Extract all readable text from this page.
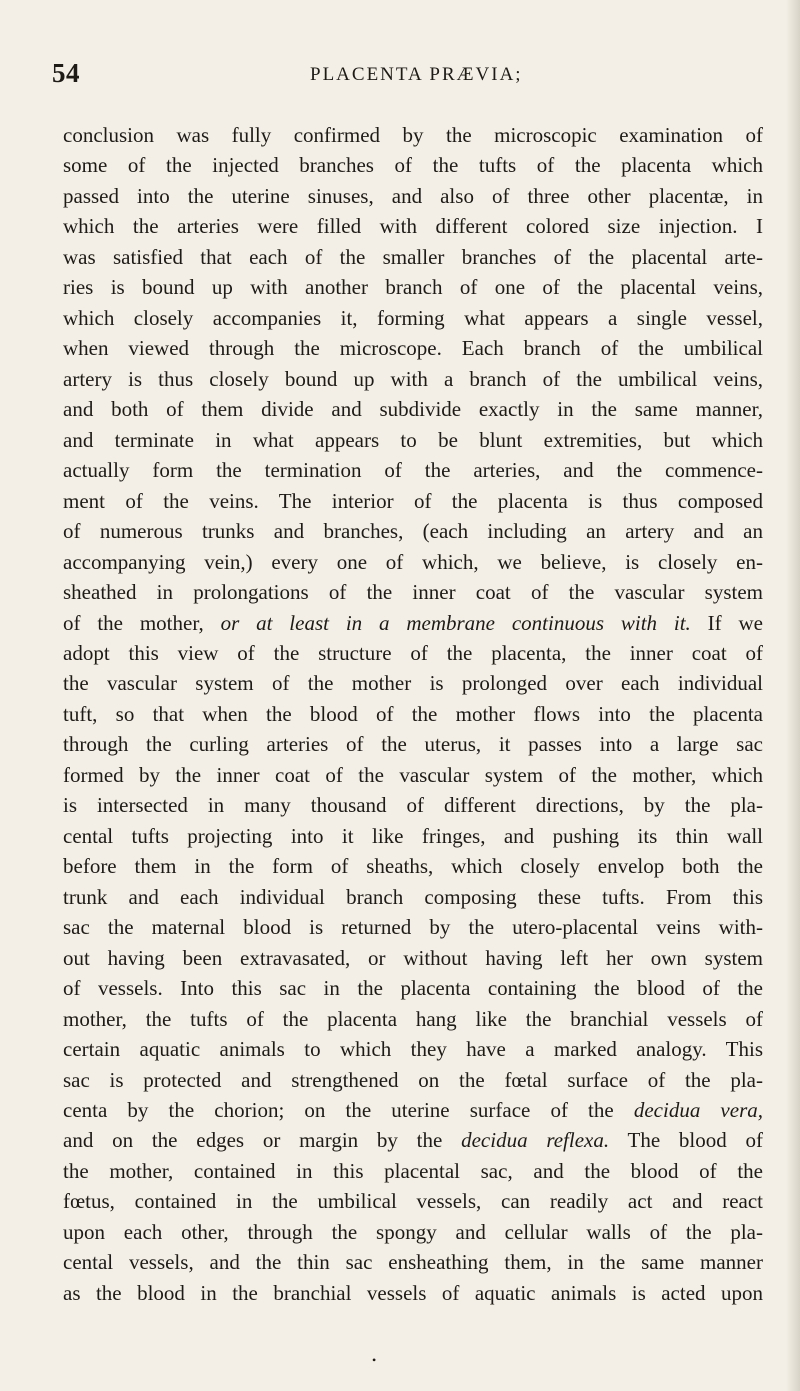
54	PLACENTA PRÆVIA;
conclusion was fully confirmed by the microscopic examination of
some of the injected branches of the tufts of the placenta which
passed into the uterine sinuses, and also of three other placentæ, in
which the arteries were filled with different colored size injection. I
was satisfied that each of the smaller branches of the placental arte-
ries is bound up with another branch of one of the placental veins,
which closely accompanies it, forming what appears a single vessel,
when viewed through the microscope. Each branch of the umbilical
artery is thus closely bound up with a branch of the umbilical veins,
and both of them divide and subdivide exactly in the same manner,
and terminate in what appears to be blunt extremities, but which
actually form the termination of the arteries, and the commence-
ment of the veins. The interior of the placenta is thus composed
of numerous trunks and branches, (each including an artery and an
accompanying vein,) every one of which, we believe, is closely en-
sheathed in prolongations of the inner coat of the vascular system
of the mother, or at least in a membrane continuous with it. If we
adopt this view of the structure of the placenta, the inner coat of
the vascular system of the mother is prolonged over each individual
tuft, so that when the blood of the mother flows into the placenta
through the curling arteries of the uterus, it passes into a large sac
formed by the inner coat of the vascular system of the mother, which
is intersected in many thousand of different directions, by the pla-
cental tufts projecting into it like fringes, and pushing its thin wall
before them in the form of sheaths, which closely envelop both the
trunk and each individual branch composing these tufts. From this
sac the maternal blood is returned by the utero-placental veins with-
out having been extravasated, or without having left her own system
of vessels. Into this sac in the placenta containing the blood of the
mother, the tufts of the placenta hang like the branchial vessels of
certain aquatic animals to which they have a marked analogy. This
sac is protected and strengthened on the fœtal surface of the pla-
centa by the chorion; on the uterine surface of the decidua vera,
and on the edges or margin by the decidua reflexa. The blood of
the mother, contained in this placental sac, and the blood of the
fœtus, contained in the umbilical vessels, can readily act and react
upon each other, through the spongy and cellular walls of the pla-
cental vessels, and the thin sac ensheathing them, in the same manner
as the blood in the branchial vessels of aquatic animals is acted upon
•
